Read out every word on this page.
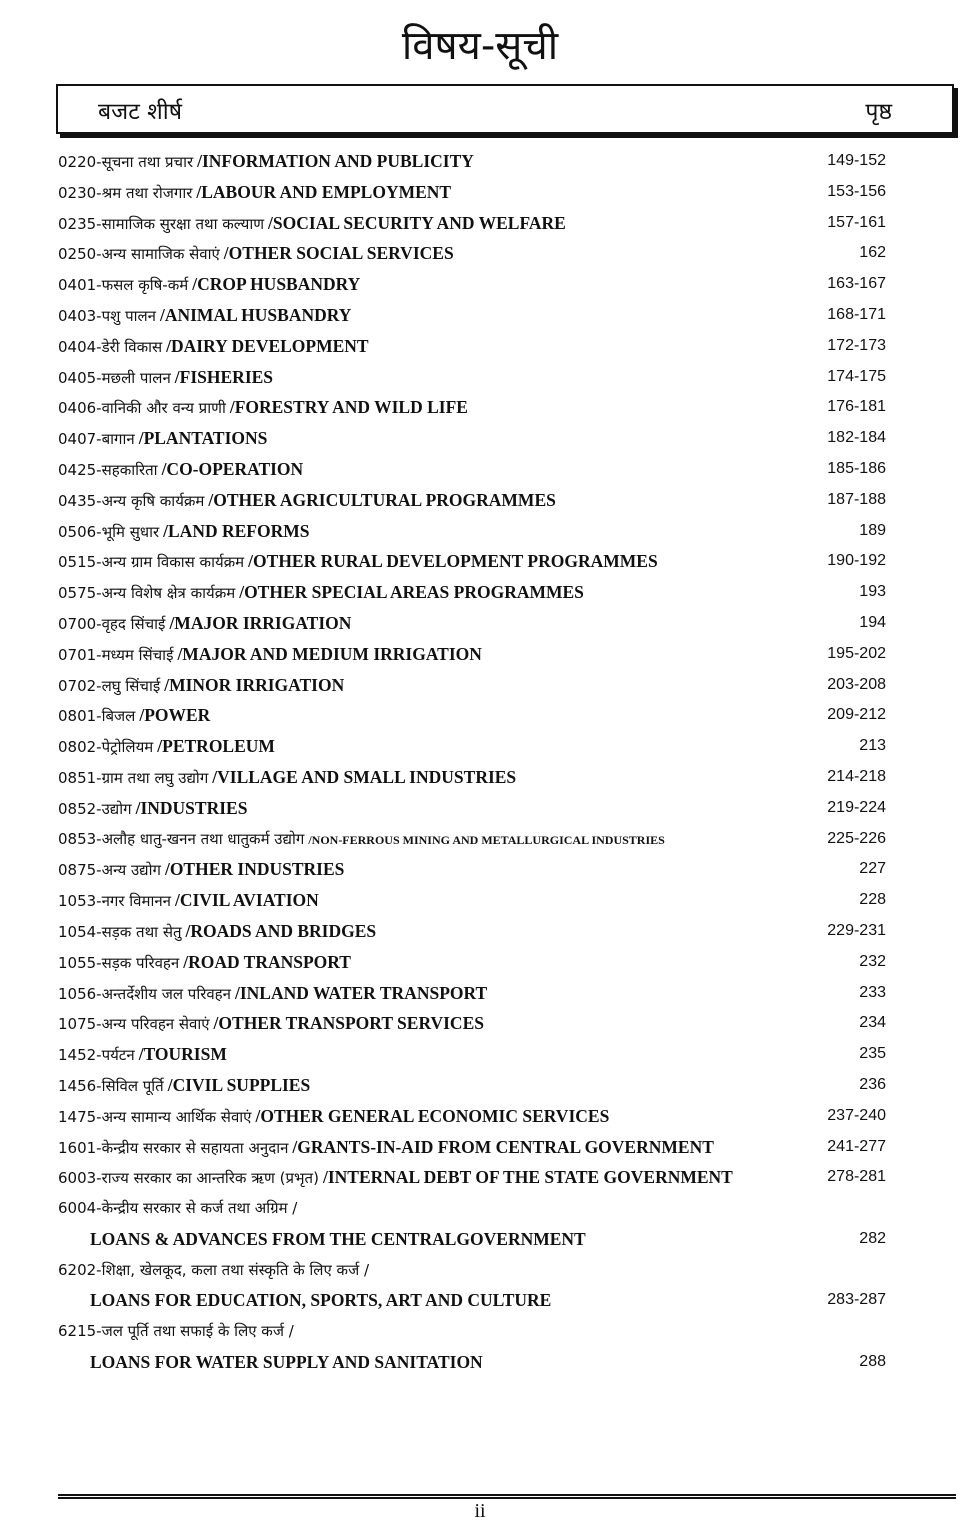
विषय-सूची
बजट शीर्ष	पृष्ठ
0220-सूचना तथा प्रचार /INFORMATION AND PUBLICITY	149-152
0230-श्रम तथा रोजगार /LABOUR AND EMPLOYMENT	153-156
0235-सामाजिक सुरक्षा तथा कल्याण /SOCIAL SECURITY AND WELFARE	157-161
0250-अन्य सामाजिक सेवाएं /OTHER SOCIAL SERVICES	162
0401-फसल कृषि-कर्म /CROP HUSBANDRY	163-167
0403-पशु पालन /ANIMAL HUSBANDRY	168-171
0404-डेरी विकास /DAIRY DEVELOPMENT	172-173
0405-मछली पालन /FISHERIES	174-175
0406-वानिकी और वन्य प्राणी /FORESTRY AND WILD LIFE	176-181
0407-बागान /PLANTATIONS	182-184
0425-सहकारिता /CO-OPERATION	185-186
0435-अन्य कृषि कार्यक्रम /OTHER AGRICULTURAL PROGRAMMES	187-188
0506-भूमि सुधार /LAND REFORMS	189
0515-अन्य ग्राम विकास कार्यक्रम /OTHER RURAL DEVELOPMENT PROGRAMMES	190-192
0575-अन्य विशेष क्षेत्र कार्यक्रम /OTHER SPECIAL AREAS PROGRAMMES	193
0700-वृहद सिंचाई /MAJOR IRRIGATION	194
0701-मध्यम सिंचाई /MAJOR AND MEDIUM IRRIGATION	195-202
0702-लघु सिंचाई /MINOR IRRIGATION	203-208
0801-बिजल /POWER	209-212
0802-पेट्रोलियम /PETROLEUM	213
0851-ग्राम तथा लघु उद्योग /VILLAGE AND SMALL INDUSTRIES	214-218
0852-उद्योग /INDUSTRIES	219-224
0853-अलौह धातु-खनन तथा धातुकर्म उद्योग /NON-FERROUS MINING AND METALLURGICAL INDUSTRIES	225-226
0875-अन्य उद्योग /OTHER INDUSTRIES	227
1053-नगर विमानन /CIVIL AVIATION	228
1054-सड़क तथा सेतु /ROADS AND BRIDGES	229-231
1055-सड़क परिवहन /ROAD TRANSPORT	232
1056-अन्तर्देशीय जल परिवहन /INLAND WATER TRANSPORT	233
1075-अन्य परिवहन सेवाएं /OTHER TRANSPORT SERVICES	234
1452-पर्यटन /TOURISM	235
1456-सिविल पूर्ति /CIVIL SUPPLIES	236
1475-अन्य सामान्य आर्थिक सेवाएं /OTHER GENERAL ECONOMIC SERVICES	237-240
1601-केन्द्रीय सरकार से सहायता अनुदान /GRANTS-IN-AID FROM CENTRAL GOVERNMENT	241-277
6003-राज्य सरकार का आन्तरिक ऋण (प्रभृत) /INTERNAL DEBT OF THE STATE GOVERNMENT	278-281
6004-केन्द्रीय सरकार से कर्ज तथा अग्रिम /
LOANS & ADVANCES FROM THE CENTRALGOVERNMENT	282
6202-शिक्षा, खेलकूद, कला तथा संस्कृति के लिए कर्ज /
LOANS FOR EDUCATION, SPORTS, ART AND CULTURE	283-287
6215-जल पूर्ति तथा सफाई के लिए कर्ज /
LOANS FOR WATER SUPPLY AND SANITATION	288
ii
